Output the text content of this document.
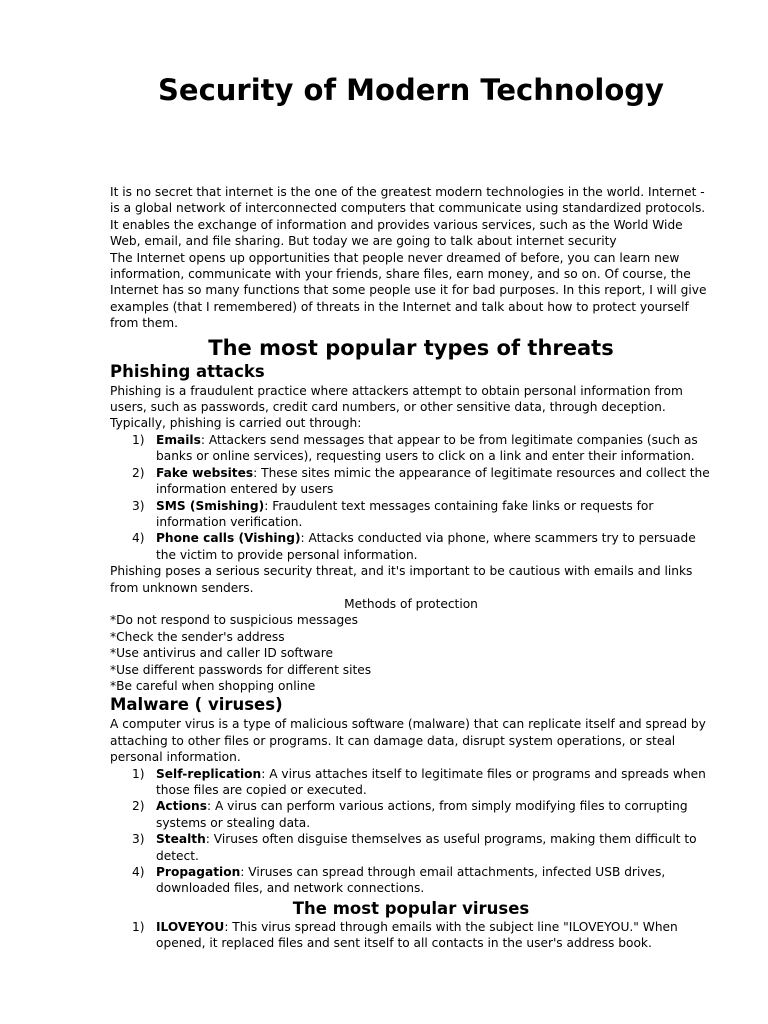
Security of Modern Technology

It is no secret that internet is the one of the greatest modern technologies in the world. Internet - is a global network of interconnected computers that communicate using standardized protocols. It enables the exchange of information and provides various services, such as the World Wide Web, email, and file sharing. But today we are going to talk about internet security

The Internet opens up opportunities that people never dreamed of before, you can learn new information, communicate with your friends, share files, earn money, and so on. Of course, the Internet has so many functions that some people use it for bad purposes. In this report, I will give examples (that I remembered) of threats in the Internet and talk about how to protect yourself from them.

The most popular types of threats
Phishing attacks

Phishing is a fraudulent practice where attackers attempt to obtain personal information from users, such as passwords, credit card numbers, or other sensitive data, through deception. Typically, phishing is carried out through:

1) Emails: Attackers send messages that appear to be from legitimate companies (such as banks or online services), requesting users to click on a link and enter their information.
2) Fake websites: These sites mimic the appearance of legitimate resources and collect the information entered by users
3) SMS (Smishing): Fraudulent text messages containing fake links or requests for information verification.
4) Phone calls (Vishing): Attacks conducted via phone, where scammers try to persuade the victim to provide personal information.

Phishing poses a serious security threat, and it's important to be cautious with emails and links from unknown senders.

Methods of protection

*Do not respond to suspicious messages

*Check the sender's address

*Use antivirus and caller ID software

*Use different passwords for different sites

*Be careful when shopping online

Malware ( viruses)

A computer virus is a type of malicious software (malware) that can replicate itself and spread by attaching to other files or programs. It can damage data, disrupt system operations, or steal personal information.

1) Self-replication: A virus attaches itself to legitimate files or programs and spreads when those files are copied or executed.
2) Actions: A virus can perform various actions, from simply modifying files to corrupting systems or stealing data.
3) Stealth: Viruses often disguise themselves as useful programs, making them difficult to detect.
4) Propagation: Viruses can spread through email attachments, infected USB drives, downloaded files, and network connections.
The most popular viruses
1) ILOVEYOU: This virus spread through emails with the subject line "ILOVEYOU." When opened, it replaced files and sent itself to all contacts in the user's address book.
